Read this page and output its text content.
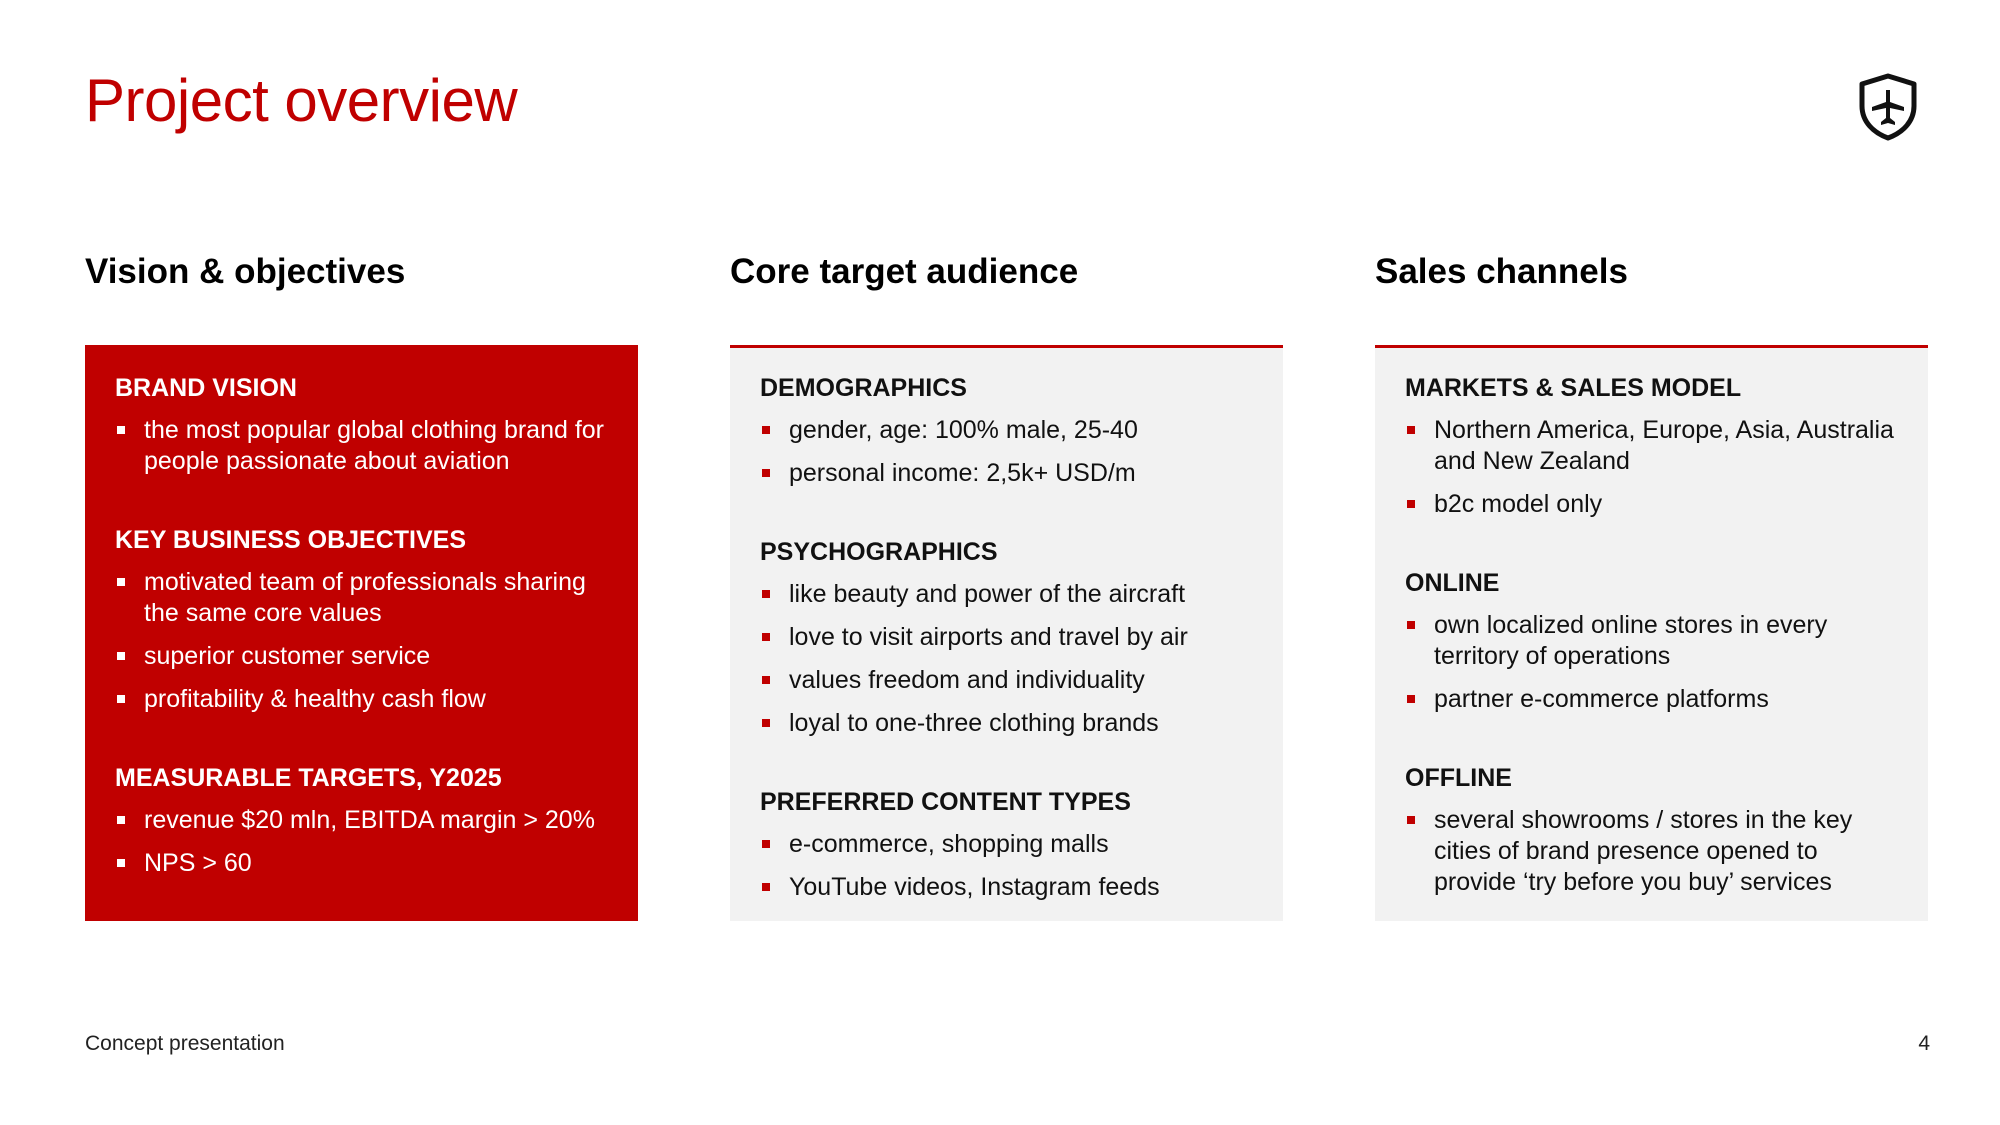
Project overview
Vision & objectives
BRAND VISION
the most popular global clothing brand for people passionate about aviation
KEY BUSINESS OBJECTIVES
motivated team of professionals sharing the same core values
superior customer service
profitability & healthy cash flow
MEASURABLE TARGETS, Y2025
revenue $20 mln, EBITDA margin > 20%
NPS > 60
Core target audience
DEMOGRAPHICS
gender, age: 100% male, 25-40
personal income: 2,5k+ USD/m
PSYCHOGRAPHICS
like beauty and power of the aircraft
love to visit airports and travel by air
values freedom and individuality
loyal to one-three clothing brands
PREFERRED CONTENT TYPES
e-commerce, shopping malls
YouTube videos, Instagram feeds
Sales channels
MARKETS & SALES MODEL
Northern America, Europe, Asia, Australia and New Zealand
b2c model only
ONLINE
own localized online stores in every territory of operations
partner e-commerce platforms
OFFLINE
several showrooms / stores in the key cities of brand presence opened to provide ‘try before you buy’ services
Concept presentation	4
